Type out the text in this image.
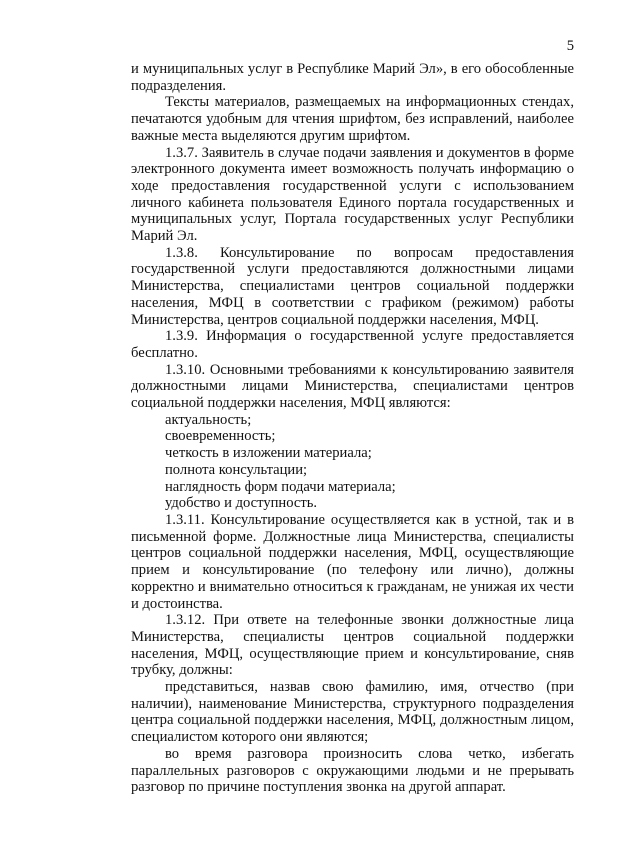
5

и муниципальных услуг в Республике Марий Эл», в его обособленные подразделения.

Тексты материалов, размещаемых на информационных стендах, печатаются удобным для чтения шрифтом, без исправлений, наиболее важные места выделяются другим шрифтом.

1.3.7. Заявитель в случае подачи заявления и документов в форме электронного документа имеет возможность получать информацию о ходе предоставления государственной услуги с использованием личного кабинета пользователя Единого портала государственных и муниципальных услуг, Портала государственных услуг Республики Марий Эл.

1.3.8. Консультирование по вопросам предоставления государственной услуги предоставляются должностными лицами Министерства, специалистами центров социальной поддержки населения, МФЦ в соответствии с графиком (режимом) работы Министерства, центров социальной поддержки населения, МФЦ.

1.3.9. Информация о государственной услуге предоставляется бесплатно.

1.3.10. Основными требованиями к консультированию заявителя должностными лицами Министерства, специалистами центров социальной поддержки населения, МФЦ являются:

актуальность;

своевременность;

четкость в изложении материала;

полнота консультации;

наглядность форм подачи материала;

удобство и доступность.

1.3.11. Консультирование осуществляется как в устной, так и в письменной форме. Должностные лица Министерства, специалисты центров социальной поддержки населения, МФЦ, осуществляющие прием и консультирование (по телефону или лично), должны корректно и внимательно относиться к гражданам, не унижая их чести и достоинства.

1.3.12. При ответе на телефонные звонки должностные лица Министерства, специалисты центров социальной поддержки населения, МФЦ, осуществляющие прием и консультирование, сняв трубку, должны:

представиться, назвав свою фамилию, имя, отчество (при наличии), наименование Министерства, структурного подразделения центра социальной поддержки населения, МФЦ, должностным лицом, специалистом которого они являются;

во время разговора произносить слова четко, избегать параллельных разговоров с окружающими людьми и не прерывать разговор по причине поступления звонка на другой аппарат.
